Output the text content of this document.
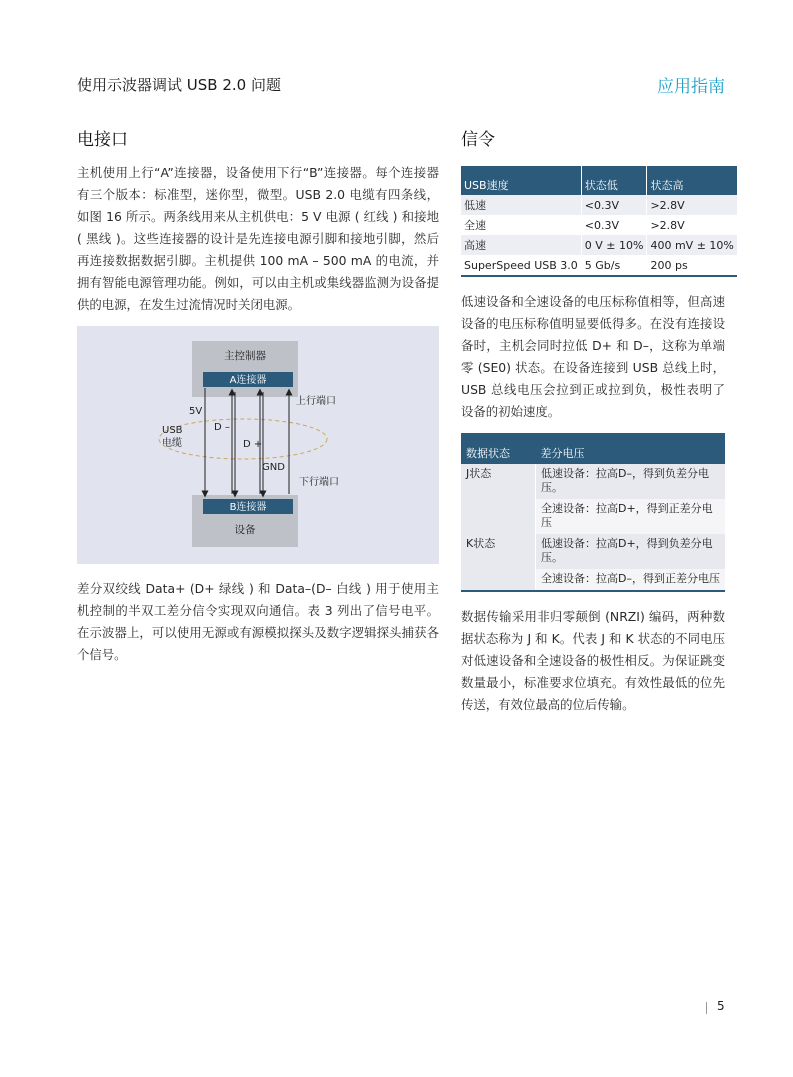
使用示波器调试 USB 2.0 问题	应用指南
电接口

主机使用上行“A”连接器，设备使用下行“B”连接器。每个连接器有三个版本：标准型，迷你型，微型。USB 2.0 电缆有四条线，如图 16 所示。两条线用来从主机供电：5 V 电源 ( 红线 ) 和接地 ( 黑线 )。这些连接器的设计是先连接电源引脚和接地引脚，然后再连接数据数据引脚。主机提供 100 mA – 500 mA 的电流，并拥有智能电源管理功能。例如，可以由主机或集线器监测为设备提供的电源，在发生过流情况时关闭电源。

主控制器
A连接器
B连接器
设备
5V
D –
D +
GND
USB
电缆
上行端口
下行端口

差分双绞线 Data+ (D+ 绿线 ) 和 Data–(D– 白线 ) 用于使用主机控制的半双工差分信令实现双向通信。表 3 列出了信号电平。在示波器上，可以使用无源或有源模拟探头及数字逻辑探头捕获各个信号。

信令
USB速度	状态低	状态高
低速	<0.3V	>2.8V
全速	<0.3V	>2.8V
高速	0 V ± 10%	400 mV ± 10%
SuperSpeed USB 3.0	5 Gb/s	200 ps

低速设备和全速设备的电压标称值相等，但高速设备的电压标称值明显要低得多。在没有连接设备时，主机会同时拉低 D+ 和 D–，这称为单端零 (SE0) 状态。在设备连接到 USB 总线上时，USB 总线电压会拉到正或拉到负，极性表明了设备的初始速度。

数据状态	差分电压
J状态	低速设备：拉高D–，得到负差分电压。
	全速设备：拉高D+，得到正差分电压
K状态	低速设备：拉高D+，得到负差分电压。
	全速设备：拉高D–，得到正差分电压

数据传输采用非归零颠倒 (NRZI) 编码，两种数据状态称为 J 和 K。代表 J 和 K 状态的不同电压对低速设备和全速设备的极性相反。为保证跳变数量最小，标准要求位填充。有效性最低的位先传送，有效位最高的位后传输。

5
